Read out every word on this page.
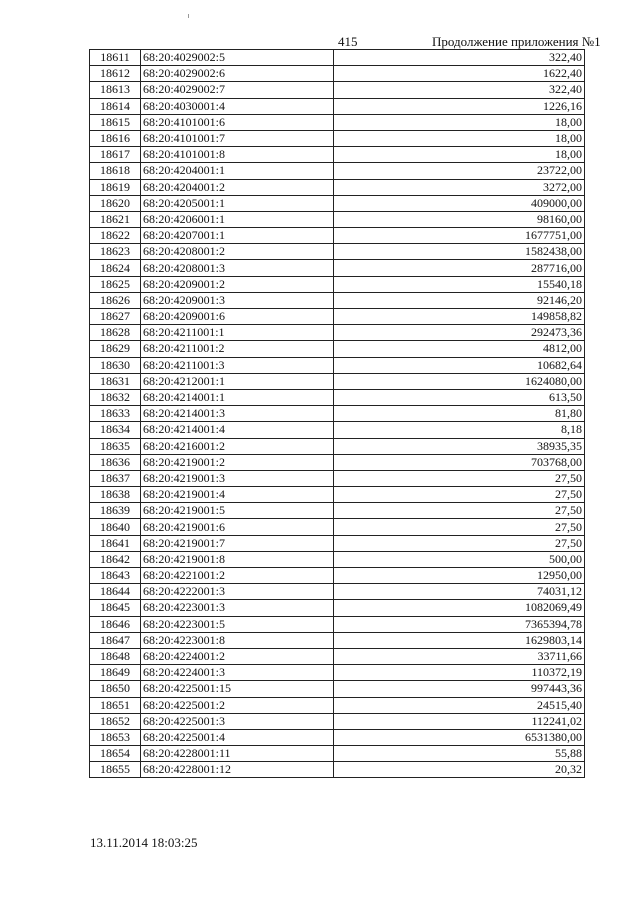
415	Продолжение приложения №1
18611	68:20:4029002:5	322,40
18612	68:20:4029002:6	1622,40
18613	68:20:4029002:7	322,40
18614	68:20:4030001:4	1226,16
18615	68:20:4101001:6	18,00
18616	68:20:4101001:7	18,00
18617	68:20:4101001:8	18,00
18618	68:20:4204001:1	23722,00
18619	68:20:4204001:2	3272,00
18620	68:20:4205001:1	409000,00
18621	68:20:4206001:1	98160,00
18622	68:20:4207001:1	1677751,00
18623	68:20:4208001:2	1582438,00
18624	68:20:4208001:3	287716,00
18625	68:20:4209001:2	15540,18
18626	68:20:4209001:3	92146,20
18627	68:20:4209001:6	149858,82
18628	68:20:4211001:1	292473,36
18629	68:20:4211001:2	4812,00
18630	68:20:4211001:3	10682,64
18631	68:20:4212001:1	1624080,00
18632	68:20:4214001:1	613,50
18633	68:20:4214001:3	81,80
18634	68:20:4214001:4	8,18
18635	68:20:4216001:2	38935,35
18636	68:20:4219001:2	703768,00
18637	68:20:4219001:3	27,50
18638	68:20:4219001:4	27,50
18639	68:20:4219001:5	27,50
18640	68:20:4219001:6	27,50
18641	68:20:4219001:7	27,50
18642	68:20:4219001:8	500,00
18643	68:20:4221001:2	12950,00
18644	68:20:4222001:3	74031,12
18645	68:20:4223001:3	1082069,49
18646	68:20:4223001:5	7365394,78
18647	68:20:4223001:8	1629803,14
18648	68:20:4224001:2	33711,66
18649	68:20:4224001:3	110372,19
18650	68:20:4225001:15	997443,36
18651	68:20:4225001:2	24515,40
18652	68:20:4225001:3	112241,02
18653	68:20:4225001:4	6531380,00
18654	68:20:4228001:11	55,88
18655	68:20:4228001:12	20,32
13.11.2014 18:03:25
